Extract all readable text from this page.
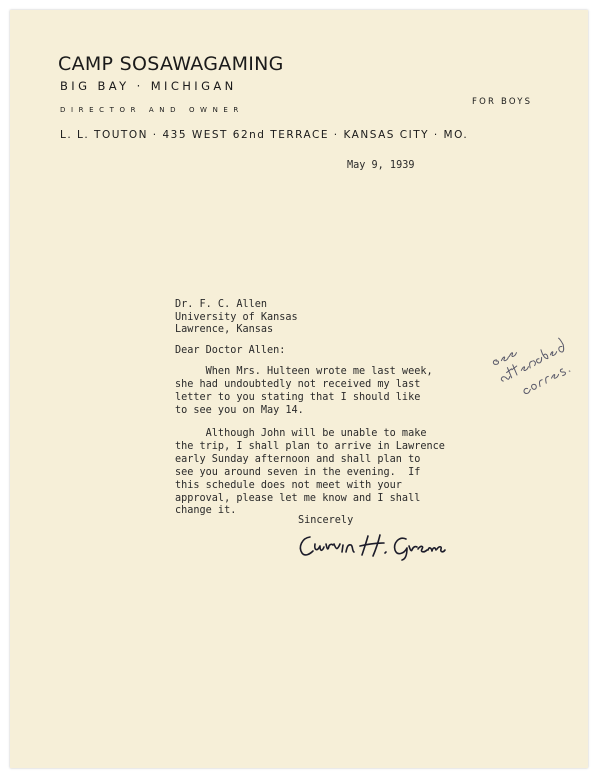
CAMP SOSAWAGAMING
BIG BAY · MICHIGAN
DIRECTOR AND OWNER
FOR BOYS
L. L. TOUTON · 435 WEST 62nd TERRACE · KANSAS CITY · MO.
May 9, 1939
Dr. F. C. Allen
University of Kansas
Lawrence, Kansas
Dear Doctor Allen:
When Mrs. Hulteen wrote me last week,
she had undoubtedly not received my last
letter to you stating that I should like
to see you on May 14.
Although John will be unable to make
the trip, I shall plan to arrive in Lawrence
early Sunday afternoon and shall plan to
see you around seven in the evening.  If
this schedule does not meet with your
approval, please let me know and I shall
change it.
Sincerely
